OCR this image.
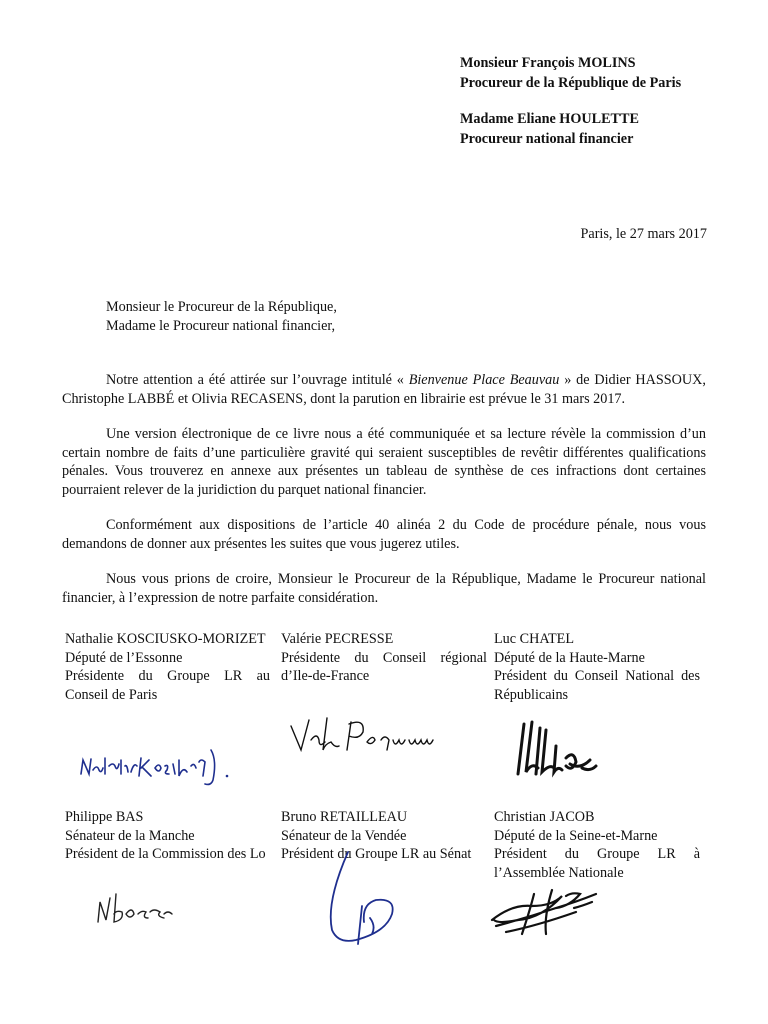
Monsieur François MOLINS
Procureur de la République de Paris
Madame Eliane HOULETTE
Procureur national financier
Paris, le 27 mars 2017
Monsieur le Procureur de la République,
Madame le Procureur national financier,

Notre attention a été attirée sur l’ouvrage intitulé « Bienvenue Place Beauvau » de Didier HASSOUX, Christophe LABBÉ et Olivia RECASENS, dont la parution en librairie est prévue le 31 mars 2017.

Une version électronique de ce livre nous a été communiquée et sa lecture révèle la commission d’un certain nombre de faits d’une particulière gravité qui seraient susceptibles de revêtir différentes qualifications pénales. Vous trouverez en annexe aux présentes un tableau de synthèse de ces infractions dont certaines pourraient relever de la juridiction du parquet national financier.

Conformément aux dispositions de l’article 40 alinéa 2 du Code de procédure pénale, nous vous demandons de donner aux présentes les suites que vous jugerez utiles.

Nous vous prions de croire, Monsieur le Procureur de la République, Madame le Procureur national financier, à l’expression de notre parfaite considération.

Nathalie KOSCIUSKO-MORIZET
Député de l’Essonne
Présidente du Groupe LR au Conseil de Paris
Valérie PECRESSE
Présidente du Conseil régional d’Ile-de-France
Luc CHATEL
Député de la Haute-Marne
Président du Conseil National des Républicains
Philippe BAS
Sénateur de la Manche
Président de la Commission des Lo
Bruno RETAILLEAU
Sénateur de la Vendée
Président du Groupe LR au Sénat
Christian JACOB
Député de la Seine-et-Marne
Président du Groupe LR à l’Assemblée Nationale
